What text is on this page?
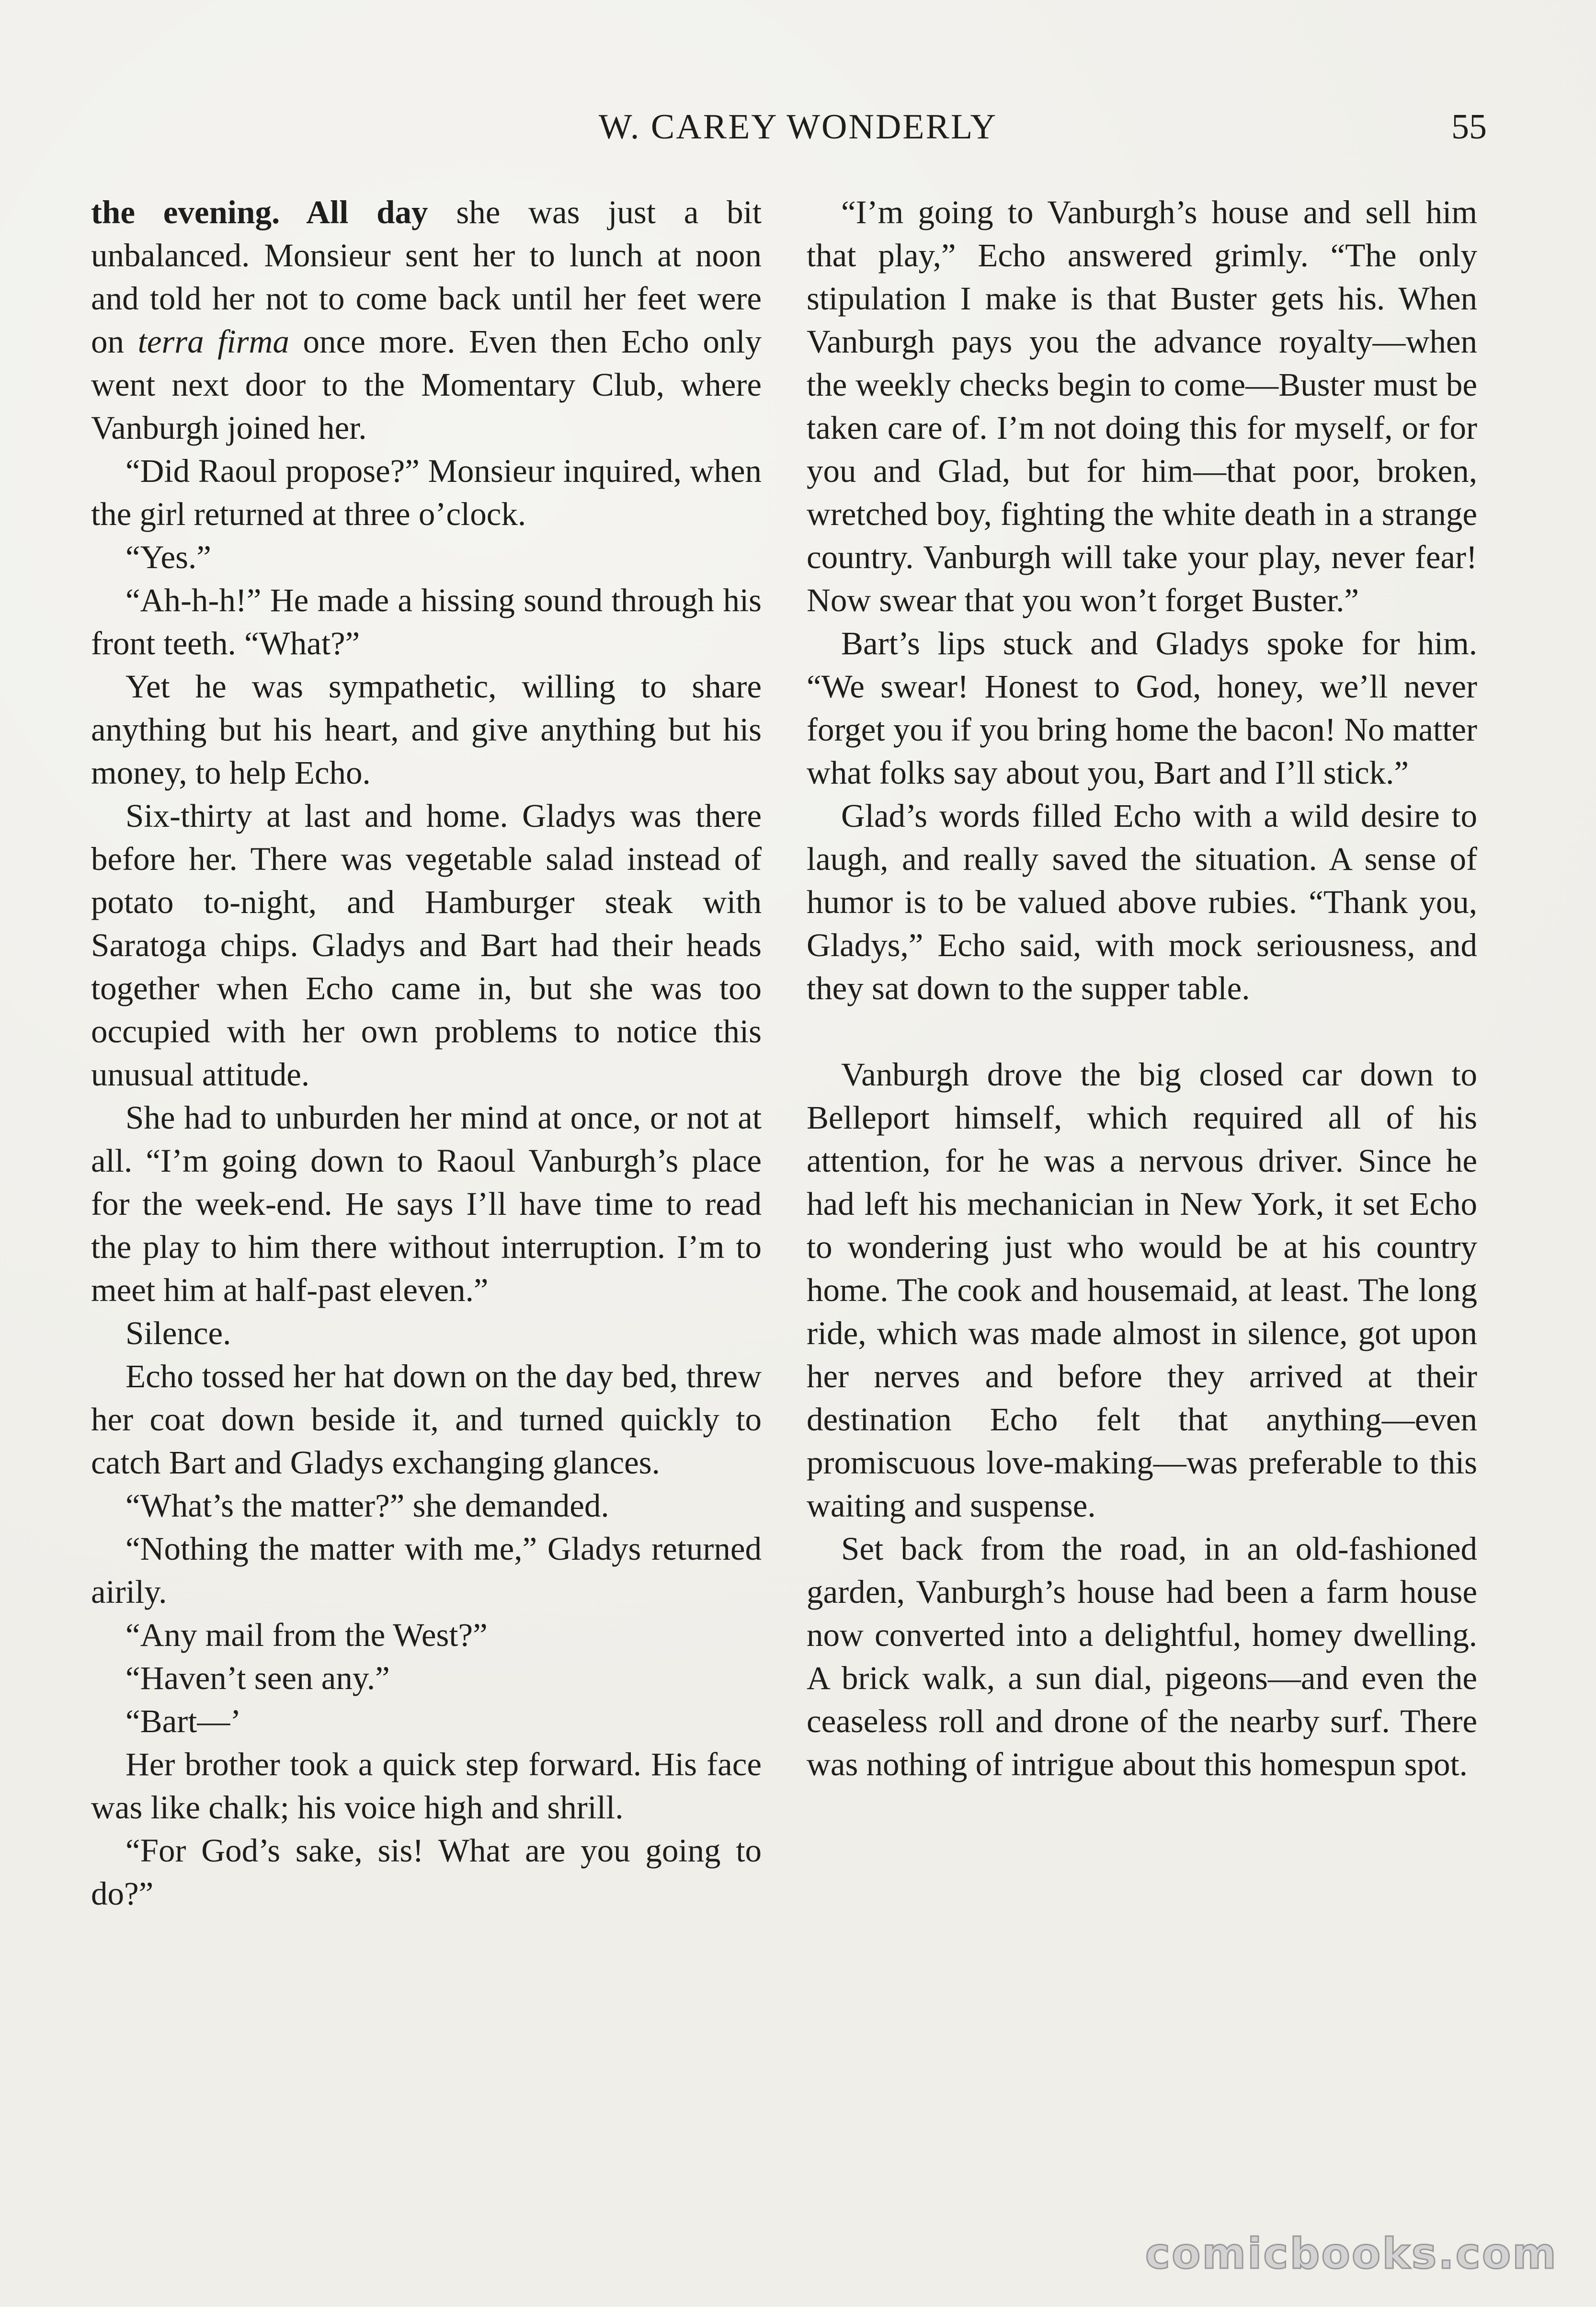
W. CAREY WONDERLY	55

the evening. All day she was just a bit unbalanced. Monsieur sent her to lunch at noon and told her not to come back until her feet were on terra firma once more. Even then Echo only went next door to the Momentary Club, where Vanburgh joined her.

“Did Raoul propose?” Monsieur inquired, when the girl returned at three o’clock.

“Yes.”

“Ah-h-h!” He made a hissing sound through his front teeth. “What?”

Yet he was sympathetic, willing to share anything but his heart, and give anything but his money, to help Echo.

Six-thirty at last and home. Gladys was there before her. There was vegetable salad instead of potato to-night, and Hamburger steak with Saratoga chips. Gladys and Bart had their heads together when Echo came in, but she was too occupied with her own problems to notice this unusual attitude.

She had to unburden her mind at once, or not at all. “I’m going down to Raoul Vanburgh’s place for the week-end. He says I’ll have time to read the play to him there without interruption. I’m to meet him at half-past eleven.”

Silence.

Echo tossed her hat down on the day bed, threw her coat down beside it, and turned quickly to catch Bart and Gladys exchanging glances.

“What’s the matter?” she demanded.

“Nothing the matter with me,” Gladys returned airily.

“Any mail from the West?”

“Haven’t seen any.”

“Bart—’

Her brother took a quick step forward. His face was like chalk; his voice high and shrill.

“For God’s sake, sis! What are you going to do?”

“I’m going to Vanburgh’s house and sell him that play,” Echo answered grimly. “The only stipulation I make is that Buster gets his. When Vanburgh pays you the advance royalty—when the weekly checks begin to come—Buster must be taken care of. I’m not doing this for myself, or for you and Glad, but for him—that poor, broken, wretched boy, fighting the white death in a strange country. Vanburgh will take your play, never fear! Now swear that you won’t forget Buster.”

Bart’s lips stuck and Gladys spoke for him. “We swear! Honest to God, honey, we’ll never forget you if you bring home the bacon! No matter what folks say about you, Bart and I’ll stick.”

Glad’s words filled Echo with a wild desire to laugh, and really saved the situation. A sense of humor is to be valued above rubies. “Thank you, Gladys,” Echo said, with mock seriousness, and they sat down to the supper table.

Vanburgh drove the big closed car down to Belleport himself, which required all of his attention, for he was a nervous driver. Since he had left his mechanician in New York, it set Echo to wondering just who would be at his country home. The cook and housemaid, at least. The long ride, which was made almost in silence, got upon her nerves and before they arrived at their destination Echo felt that anything—even promiscuous love-making—was preferable to this waiting and suspense.

Set back from the road, in an old-fashioned garden, Vanburgh’s house had been a farm house now converted into a delightful, homey dwelling. A brick walk, a sun dial, pigeons—and even the ceaseless roll and drone of the nearby surf. There was nothing of intrigue about this homespun spot.

comicbooks.com
